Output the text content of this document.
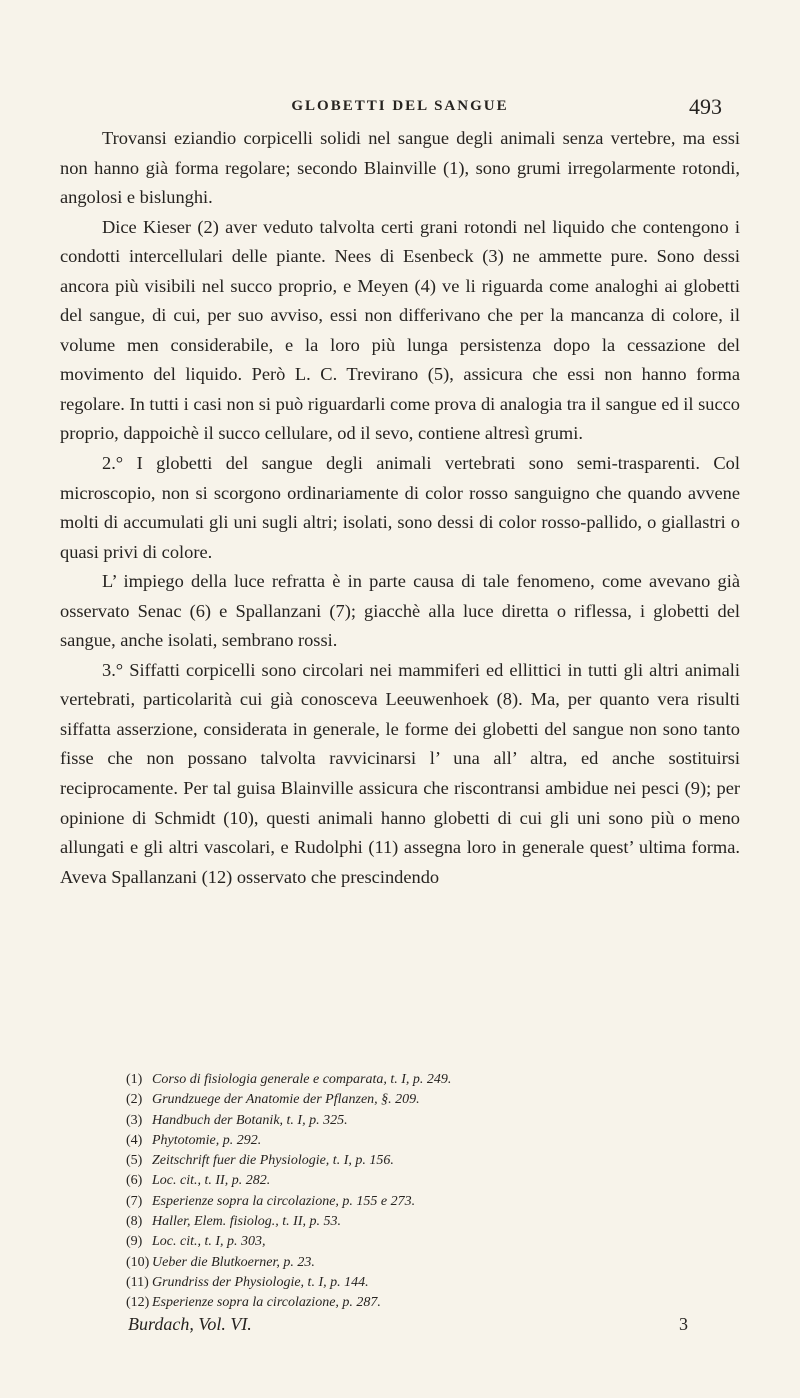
GLOBETTI DEL SANGUE	493

Trovansi eziandio corpicelli solidi nel sangue degli animali senza vertebre, ma essi non hanno già forma regolare; secondo Blainville (1), sono grumi irregolarmente rotondi, angolosi e bislunghi.

Dice Kieser (2) aver veduto talvolta certi grani rotondi nel liquido che contengono i condotti intercellulari delle piante. Nees di Esenbeck (3) ne ammette pure. Sono dessi ancora più visibili nel succo proprio, e Meyen (4) ve li riguarda come analoghi ai globetti del sangue, di cui, per suo avviso, essi non differivano che per la mancanza di colore, il volume men considerabile, e la loro più lunga persistenza dopo la cessazione del movimento del liquido. Però L. C. Treviranо (5), assicura che essi non hanno forma regolare. In tutti i casi non si può riguardarli come prova di analogia tra il sangue ed il succo proprio, dappoichè il succo cellulare, od il sevo, contiene altresì grumi.

2.° I globetti del sangue degli animali vertebrati sono semi-trasparenti. Col microscopio, non si scorgono ordinariamente di color rosso sanguigno che quando avvene molti di accumulati gli uni sugli altri; isolati, sono dessi di color rosso-pallido, o giallastri o quasi privi di colore.

L’ impiego della luce refratta è in parte causa di tale fenomeno, come avevano già osservato Senac (6) e Spallanzani (7); giacchè alla luce diretta o riflessa, i globetti del sangue, anche isolati, sembrano rossi.

3.° Siffatti corpicelli sono circolari nei mammiferi ed ellittici in tutti gli altri animali vertebrati, particolarità cui già conosceva Leeuwenhoek (8). Ma, per quanto vera risulti siffatta asserzione, considerata in generale, le forme dei globetti del sangue non sono tanto fisse che non possano talvolta ravvicinarsi l’ una all’ altra, ed anche sostituirsi reciprocamente. Per tal guisa Blainville assicura che riscontransi ambidue nei pesci (9); per opinione di Schmidt (10), questi animali hanno globetti di cui gli uni sono più o meno allungati e gli altri vascolari, e Rudolphi (11) assegna loro in generale quest’ ultima forma. Aveva Spallanzani (12) osservato che prescindendo

(1) Corso di fisiologia generale e comparata, t. I, p. 249.
(2) Grundzuege der Anatomie der Pflanzen, §. 209.
(3) Handbuch der Botanik, t. I, p. 325.
(4) Phytotomie, p. 292.
(5) Zeitschrift fuer die Physiologie, t. I, p. 156.
(6) Loc. cit., t. II, p. 282.
(7) Esperienze sopra la circolazione, p. 155 e 273.
(8) Haller, Elem. fisiolog., t. II, p. 53.
(9) Loc. cit., t. I, p. 303,
(10) Ueber die Blutkoerner, p. 23.
(11) Grundriss der Physiologie, t. I, p. 144.
(12) Esperienze sopra la circolazione, p. 287.
Burdach, Vol. VI.	3
